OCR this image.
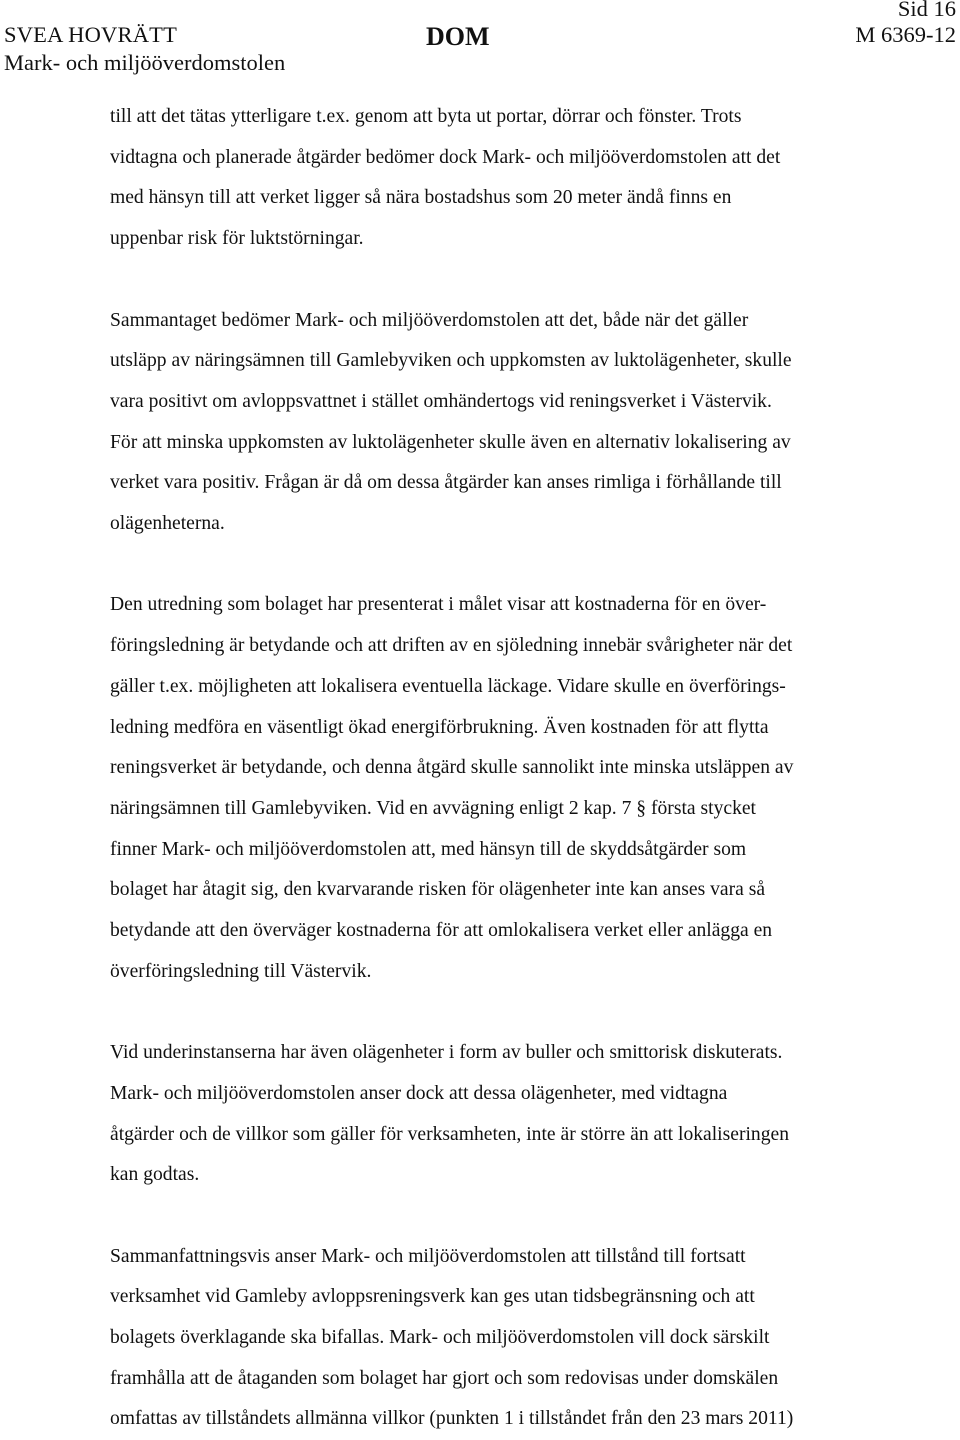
SVEA HOVRÄTT
Mark- och miljööverdomstolen
DOM
Sid 16
M 6369-12
till att det tätas ytterligare t.ex. genom att byta ut portar, dörrar och fönster. Trots
vidtagna och planerade åtgärder bedömer dock Mark- och miljööverdomstolen att det
med hänsyn till att verket ligger så nära bostadshus som 20 meter ändå finns en
uppenbar risk för luktstörningar.
Sammantaget bedömer Mark- och miljööverdomstolen att det, både när det gäller
utsläpp av näringsämnen till Gamlebyviken och uppkomsten av luktolägenheter, skulle
vara positivt om avloppsvattnet i stället omhändertogs vid reningsverket i Västervik.
För att minska uppkomsten av luktolägenheter skulle även en alternativ lokalisering av
verket vara positiv. Frågan är då om dessa åtgärder kan anses rimliga i förhållande till
olägenheterna.
Den utredning som bolaget har presenterat i målet visar att kostnaderna för en över-
föringsledning är betydande och att driften av en sjöledning innebär svårigheter när det
gäller t.ex. möjligheten att lokalisera eventuella läckage. Vidare skulle en överförings-
ledning medföra en väsentligt ökad energiförbrukning. Även kostnaden för att flytta
reningsverket är betydande, och denna åtgärd skulle sannolikt inte minska utsläppen av
näringsämnen till Gamlebyviken. Vid en avvägning enligt 2 kap. 7 § första stycket
finner Mark- och miljööverdomstolen att, med hänsyn till de skyddsåtgärder som
bolaget har åtagit sig, den kvarvarande risken för olägenheter inte kan anses vara så
betydande att den överväger kostnaderna för att omlokalisera verket eller anlägga en
överföringsledning till Västervik.
Vid underinstanserna har även olägenheter i form av buller och smittorisk diskuterats.
Mark- och miljööverdomstolen anser dock att dessa olägenheter, med vidtagna
åtgärder och de villkor som gäller för verksamheten, inte är större än att lokaliseringen
kan godtas.
Sammanfattningsvis anser Mark- och miljööverdomstolen att tillstånd till fortsatt
verksamhet vid Gamleby avloppsreningsverk kan ges utan tidsbegränsning och att
bolagets överklagande ska bifallas. Mark- och miljööverdomstolen vill dock särskilt
framhålla att de åtaganden som bolaget har gjort och som redovisas under domskälen
omfattas av tillståndets allmänna villkor (punkten 1 i tillståndet från den 23 mars 2011)
